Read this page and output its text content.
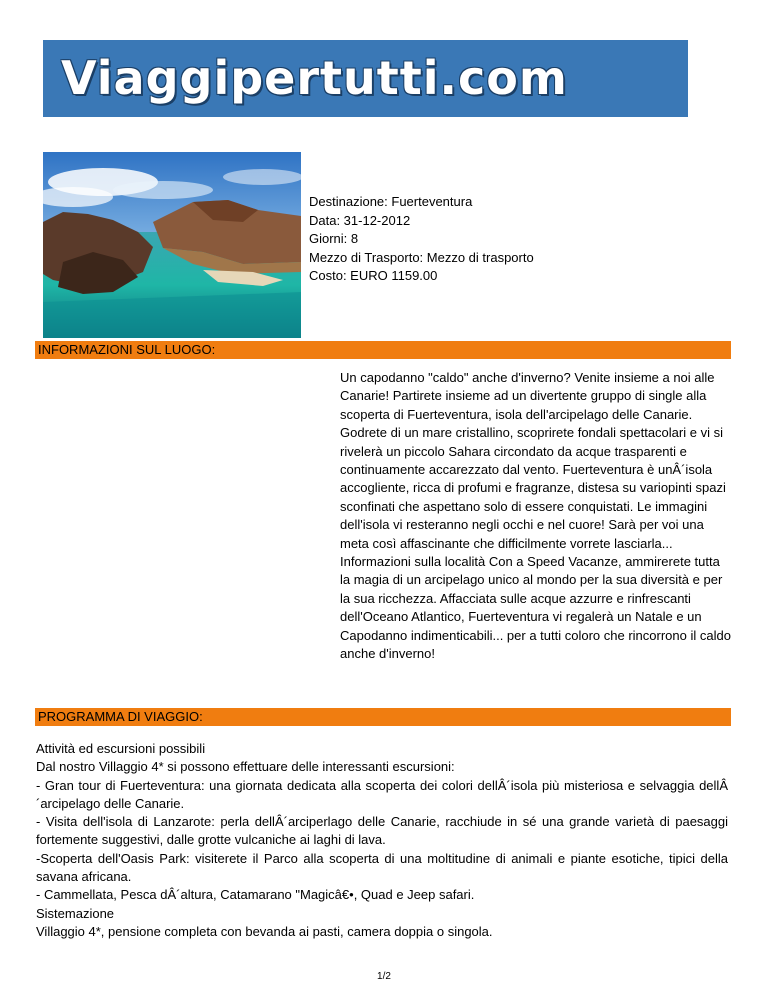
Viaggipertutti.com
Destinazione: Fuerteventura
Data: 31-12-2012
Giorni: 8
Mezzo di Trasporto: Mezzo di trasporto
Costo: EURO 1159.00
INFORMAZIONI SUL LUOGO:
Un capodanno "caldo" anche d'inverno? Venite insieme a noi alle Canarie! Partirete insieme ad un divertente gruppo di single alla scoperta di Fuerteventura, isola dell'arcipelago delle Canarie. Godrete di un mare cristallino, scoprirete fondali spettacolari e vi si rivelerà un piccolo Sahara circondato da acque trasparenti e continuamente accarezzato dal vento. Fuerteventura è unÂ´isola accogliente, ricca di profumi e fragranze, distesa su variopinti spazi sconfinati che aspettano solo di essere conquistati. Le immagini dell'isola vi resteranno negli occhi e nel cuore! Sarà per voi una meta così affascinante che difficilmente vorrete lasciarla... Informazioni sulla località Con a Speed Vacanze, ammirerete tutta la magia di un arcipelago unico al mondo per la sua diversità e per la sua ricchezza. Affacciata sulle acque azzurre e rinfrescanti dell'Oceano Atlantico, Fuerteventura vi regalerà un Natale e un Capodanno indimenticabili... per a tutti coloro che rincorrono il caldo anche d'inverno!
PROGRAMMA DI VIAGGIO:
Attività ed escursioni possibili
Dal nostro Villaggio 4* si possono effettuare delle interessanti escursioni:
- Gran tour di Fuerteventura: una giornata dedicata alla scoperta dei colori dellÂ´isola più misteriosa e selvaggia dellÂ´arcipelago delle Canarie.
- Visita dell'isola di Lanzarote: perla dellÂ´arciperlago delle Canarie, racchiude in sé una grande varietà di paesaggi fortemente suggestivi, dalle grotte vulcaniche ai laghi di lava.
-Scoperta dell'Oasis Park: visiterete il Parco alla scoperta di una moltitudine di animali e piante esotiche, tipici della savana africana.
- Cammellata, Pesca dÂ´altura, Catamarano "Magicâ€•, Quad e Jeep safari.
Sistemazione
Villaggio 4*, pensione completa con bevanda ai pasti, camera doppia o singola.
1/2
